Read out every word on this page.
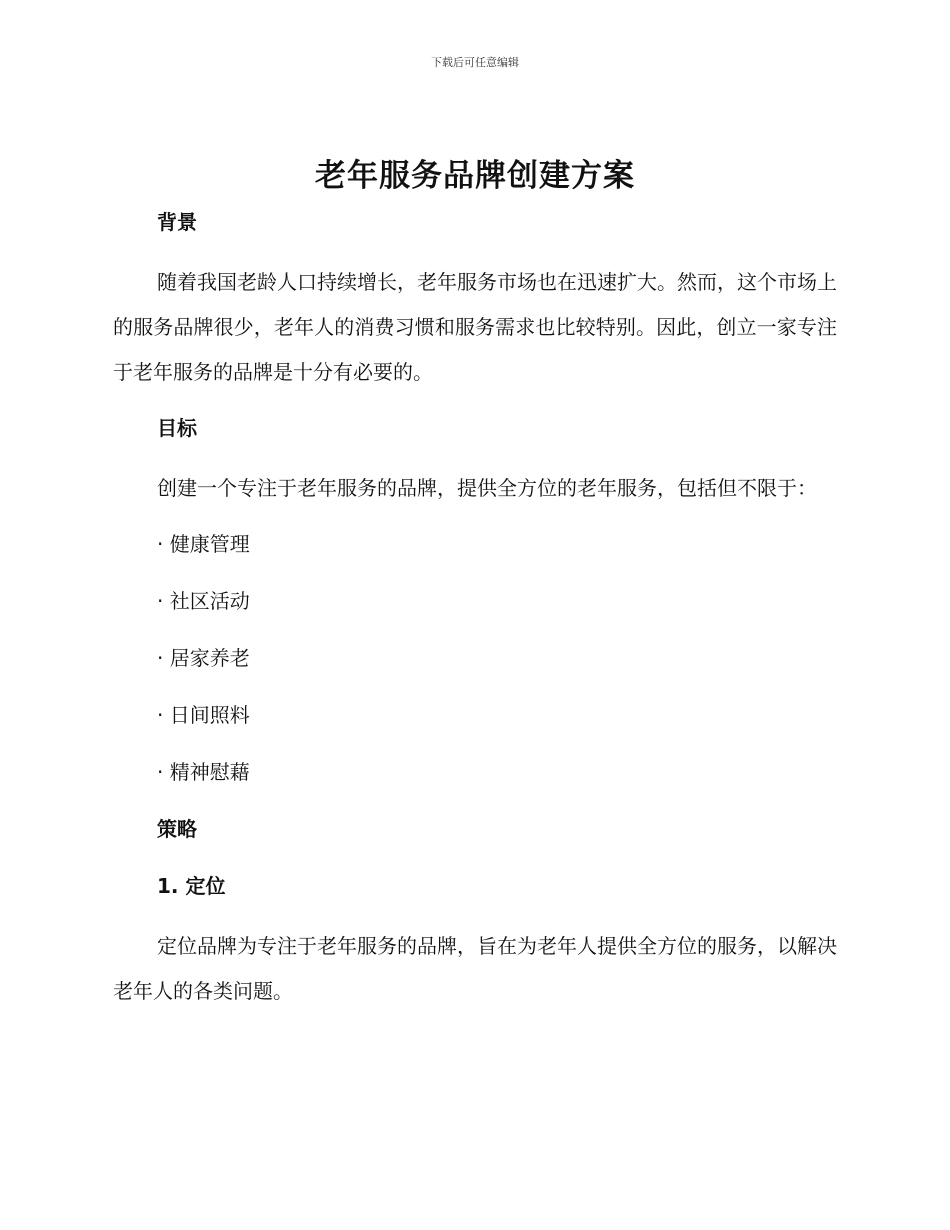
下载后可任意编辑
老年服务品牌创建方案

背景

随着我国老龄人口持续增长，老年服务市场也在迅速扩大。然而，这个市场上的服务品牌很少，老年人的消费习惯和服务需求也比较特别。因此，创立一家专注于老年服务的品牌是十分有必要的。

目标

创建一个专注于老年服务的品牌，提供全方位的老年服务，包括但不限于：

· 健康管理

· 社区活动

· 居家养老

· 日间照料

· 精神慰藉

策略

1. 定位

定位品牌为专注于老年服务的品牌，旨在为老年人提供全方位的服务，以解决老年人的各类问题。
